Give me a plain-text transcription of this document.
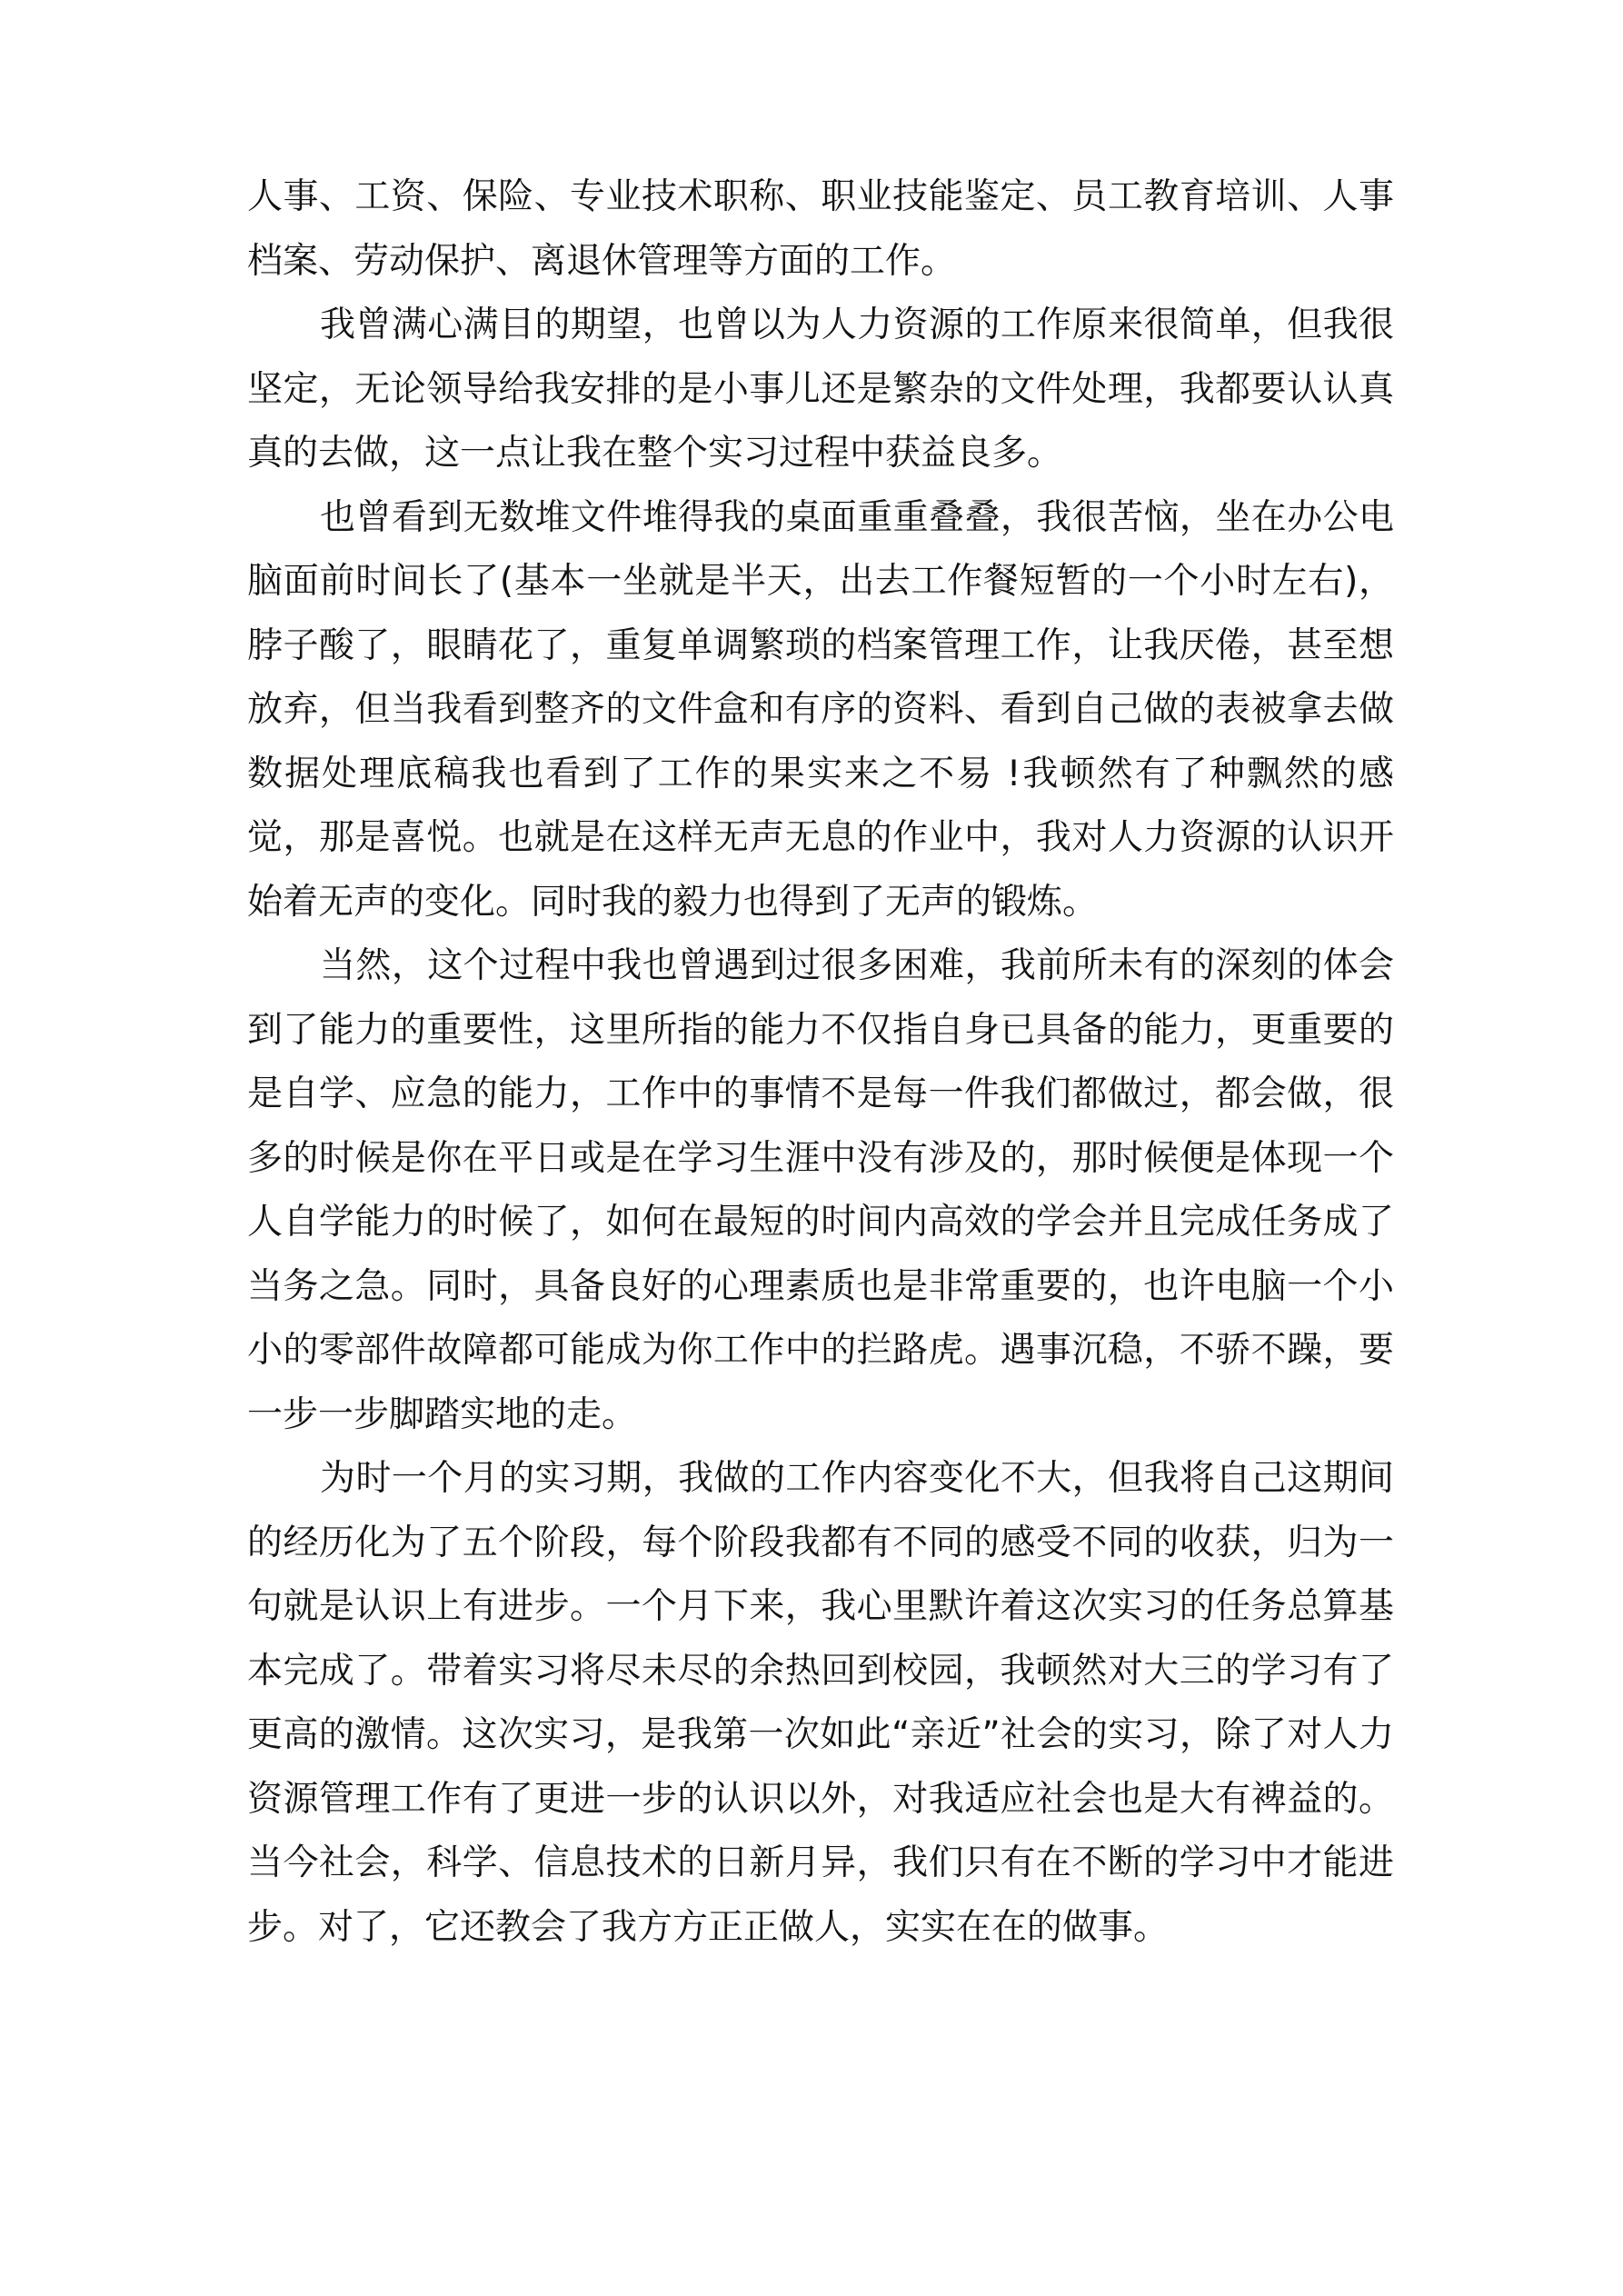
人事、工资、保险、专业技术职称、职业技能鉴定、员工教育培训、人事档案、劳动保护、离退休管理等方面的工作。

我曾满心满目的期望，也曾以为人力资源的工作原来很简单，但我很坚定，无论领导给我安排的是小事儿还是繁杂的文件处理，我都要认认真真的去做，这一点让我在整个实习过程中获益良多。

也曾看到无数堆文件堆得我的桌面重重叠叠，我很苦恼，坐在办公电脑面前时间长了(基本一坐就是半天，出去工作餐短暂的一个小时左右)，脖子酸了，眼睛花了，重复单调繁琐的档案管理工作，让我厌倦，甚至想放弃，但当我看到整齐的文件盒和有序的资料、看到自己做的表被拿去做数据处理底稿我也看到了工作的果实来之不易 !我顿然有了种飘然的感觉，那是喜悦。也就是在这样无声无息的作业中，我对人力资源的认识开始着无声的变化。同时我的毅力也得到了无声的锻炼。

当然，这个过程中我也曾遇到过很多困难，我前所未有的深刻的体会到了能力的重要性，这里所指的能力不仅指自身已具备的能力，更重要的是自学、应急的能力，工作中的事情不是每一件我们都做过，都会做，很多的时候是你在平日或是在学习生涯中没有涉及的，那时候便是体现一个人自学能力的时候了，如何在最短的时间内高效的学会并且完成任务成了当务之急。同时，具备良好的心理素质也是非常重要的，也许电脑一个小小的零部件故障都可能成为你工作中的拦路虎。遇事沉稳，不骄不躁，要一步一步脚踏实地的走。

为时一个月的实习期，我做的工作内容变化不大，但我将自己这期间的经历化为了五个阶段，每个阶段我都有不同的感受不同的收获，归为一句就是认识上有进步。一个月下来，我心里默许着这次实习的任务总算基本完成了。带着实习将尽未尽的余热回到校园，我顿然对大三的学习有了更高的激情。这次实习，是我第一次如此“亲近”社会的实习，除了对人力资源管理工作有了更进一步的认识以外，对我适应社会也是大有裨益的。当今社会，科学、信息技术的日新月异，我们只有在不断的学习中才能进步。对了，它还教会了我方方正正做人，实实在在的做事。
